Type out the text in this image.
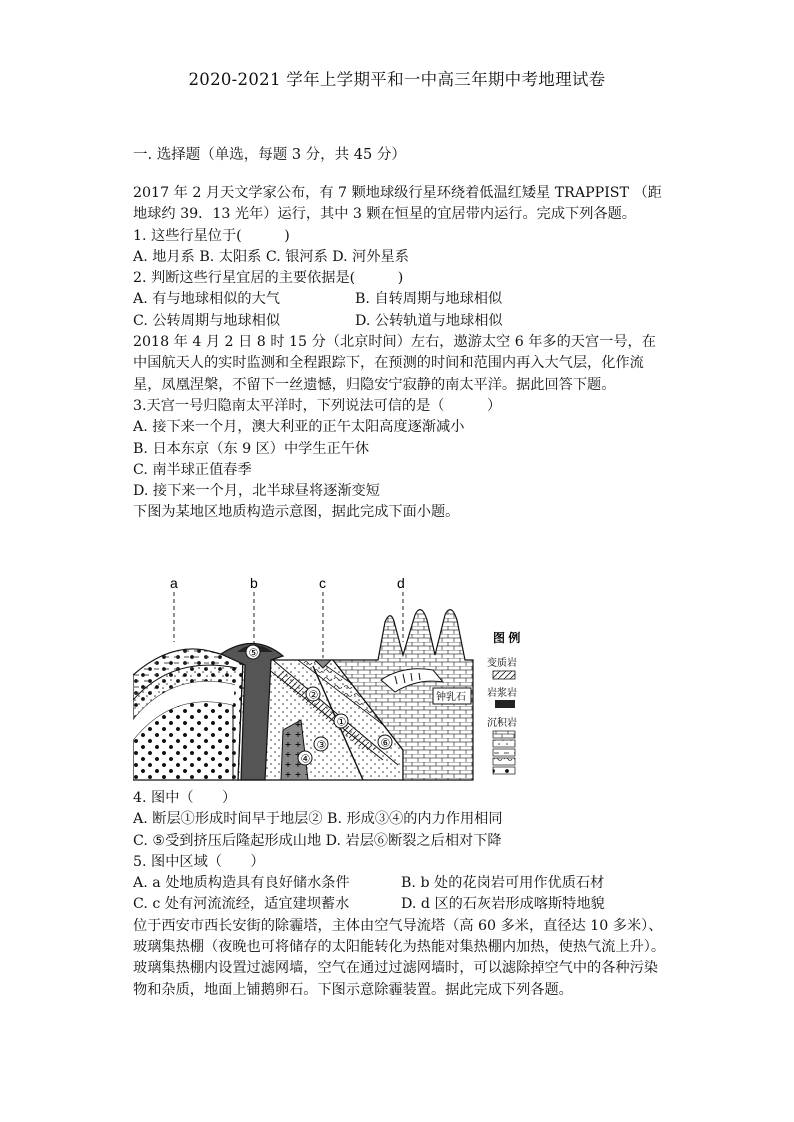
2020-2021 学年上学期平和一中高三年期中考地理试卷
一. 选择题（单选，每题 3 分，共 45 分）

2017 年 2 月天文学家公布，有 7 颗地球级行星环绕着低温红矮星 TRAPPIST （距地球约 39．13 光年）运行，其中 3 颗在恒星的宜居带内运行。完成下列各题。

1. 这些行星位于(　　　)

A. 地月系 B. 太阳系 C. 银河系 D. 河外星系

2. 判断这些行星宜居的主要依据是(　　　)

A. 有与地球相似的大气	B. 自转周期与地球相似
C. 公转周期与地球相似	D. 公转轨道与地球相似

2018 年 4 月 2 日 8 时 15 分（北京时间）左右，遨游太空 6 年多的天宫一号，在中国航天人的实时监测和全程跟踪下，在预测的时间和范围内再入大气层，化作流星，凤凰涅槃，不留下一丝遗憾，归隐安宁寂静的南太平洋。据此回答下题。

3.天宫一号归隐南太平洋时，下列说法可信的是（　　　）

A. 接下来一个月，澳大利亚的正午太阳高度逐渐减小

B. 日本东京（东 9 区）中学生正午休

C. 南半球正值春季

D. 接下来一个月，北半球昼将逐渐变短

下图为某地区地质构造示意图，据此完成下面小题。

a	b	c	d
⑤
③
④
②
①
⑥
钟乳石
图 例
变质岩
岩浆岩
沉积岩

4. 图中（　　）

A. 断层①形成时间早于地层② B. 形成③④的内力作用相同

C. ⑤受到挤压后隆起形成山地 D. 岩层⑥断裂之后相对下降

5. 图中区域（　　）

A. a 处地质构造具有良好储水条件	B. b 处的花岗岩可用作优质石材
C. c 处有河流流经，适宜建坝蓄水	D. d 区的石灰岩形成喀斯特地貌

位于西安市西长安街的除霾塔，主体由空气导流塔（高 60 多米，直径达 10 多米）、玻璃集热棚（夜晚也可将储存的太阳能转化为热能对集热棚内加热，使热气流上升）。玻璃集热棚内设置过滤网墙，空气在通过过滤网墙时，可以滤除掉空气中的各种污染物和杂质，地面上铺鹅卵石。下图示意除霾装置。据此完成下列各题。
